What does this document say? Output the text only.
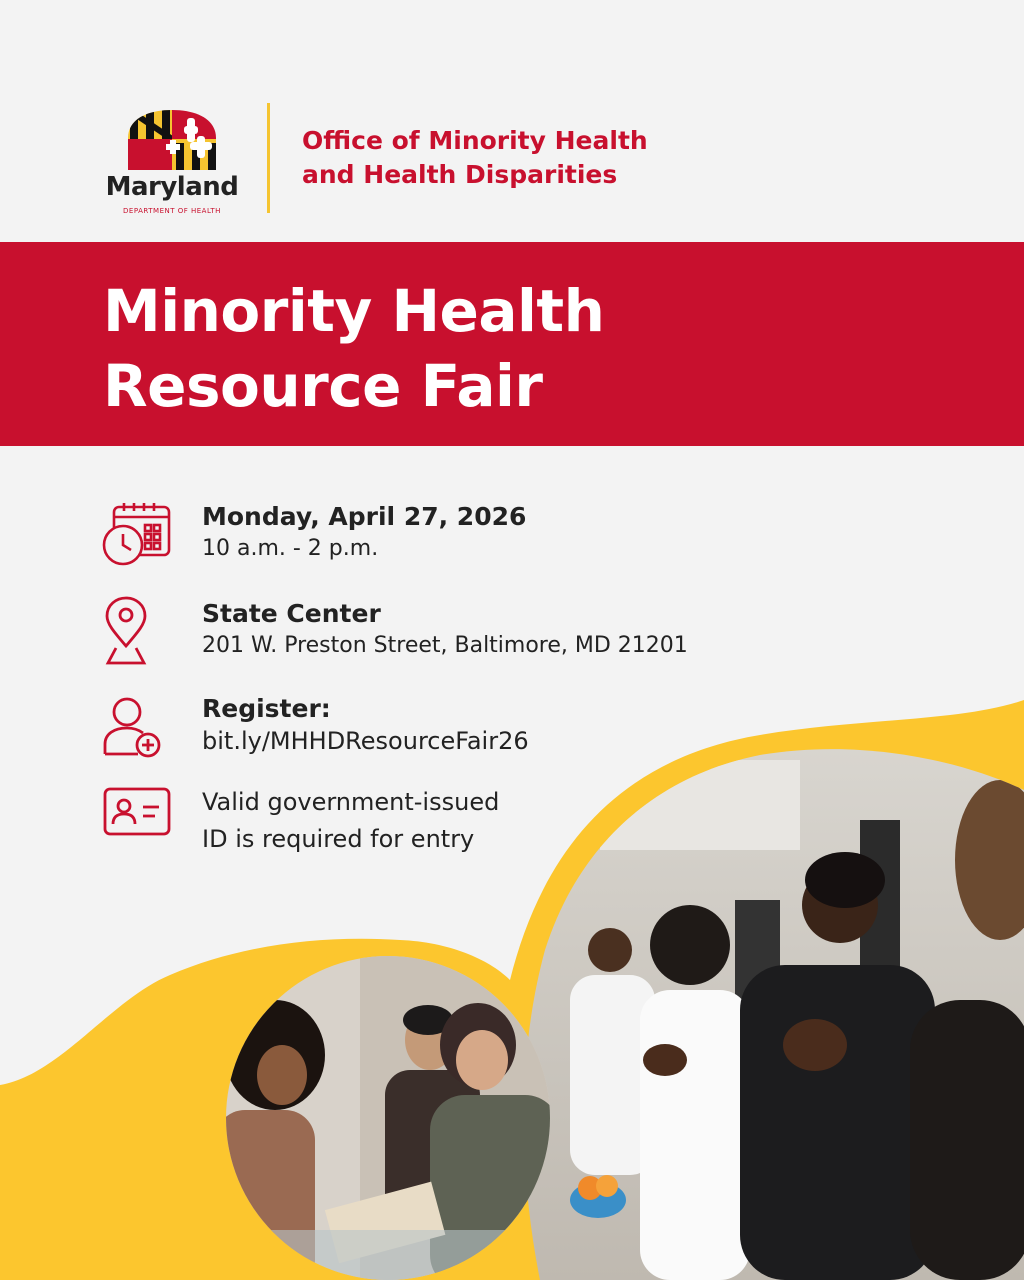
Maryland
DEPARTMENT OF HEALTH
Office of Minority Health
and Health Disparities
Minority Health
Resource Fair
Monday, April 27, 2026
10 a.m. - 2 p.m.
State Center
201 W. Preston Street, Baltimore, MD 21201
Register:
bit.ly/MHHDResourceFair26
Valid government-issued
ID is required for entry
